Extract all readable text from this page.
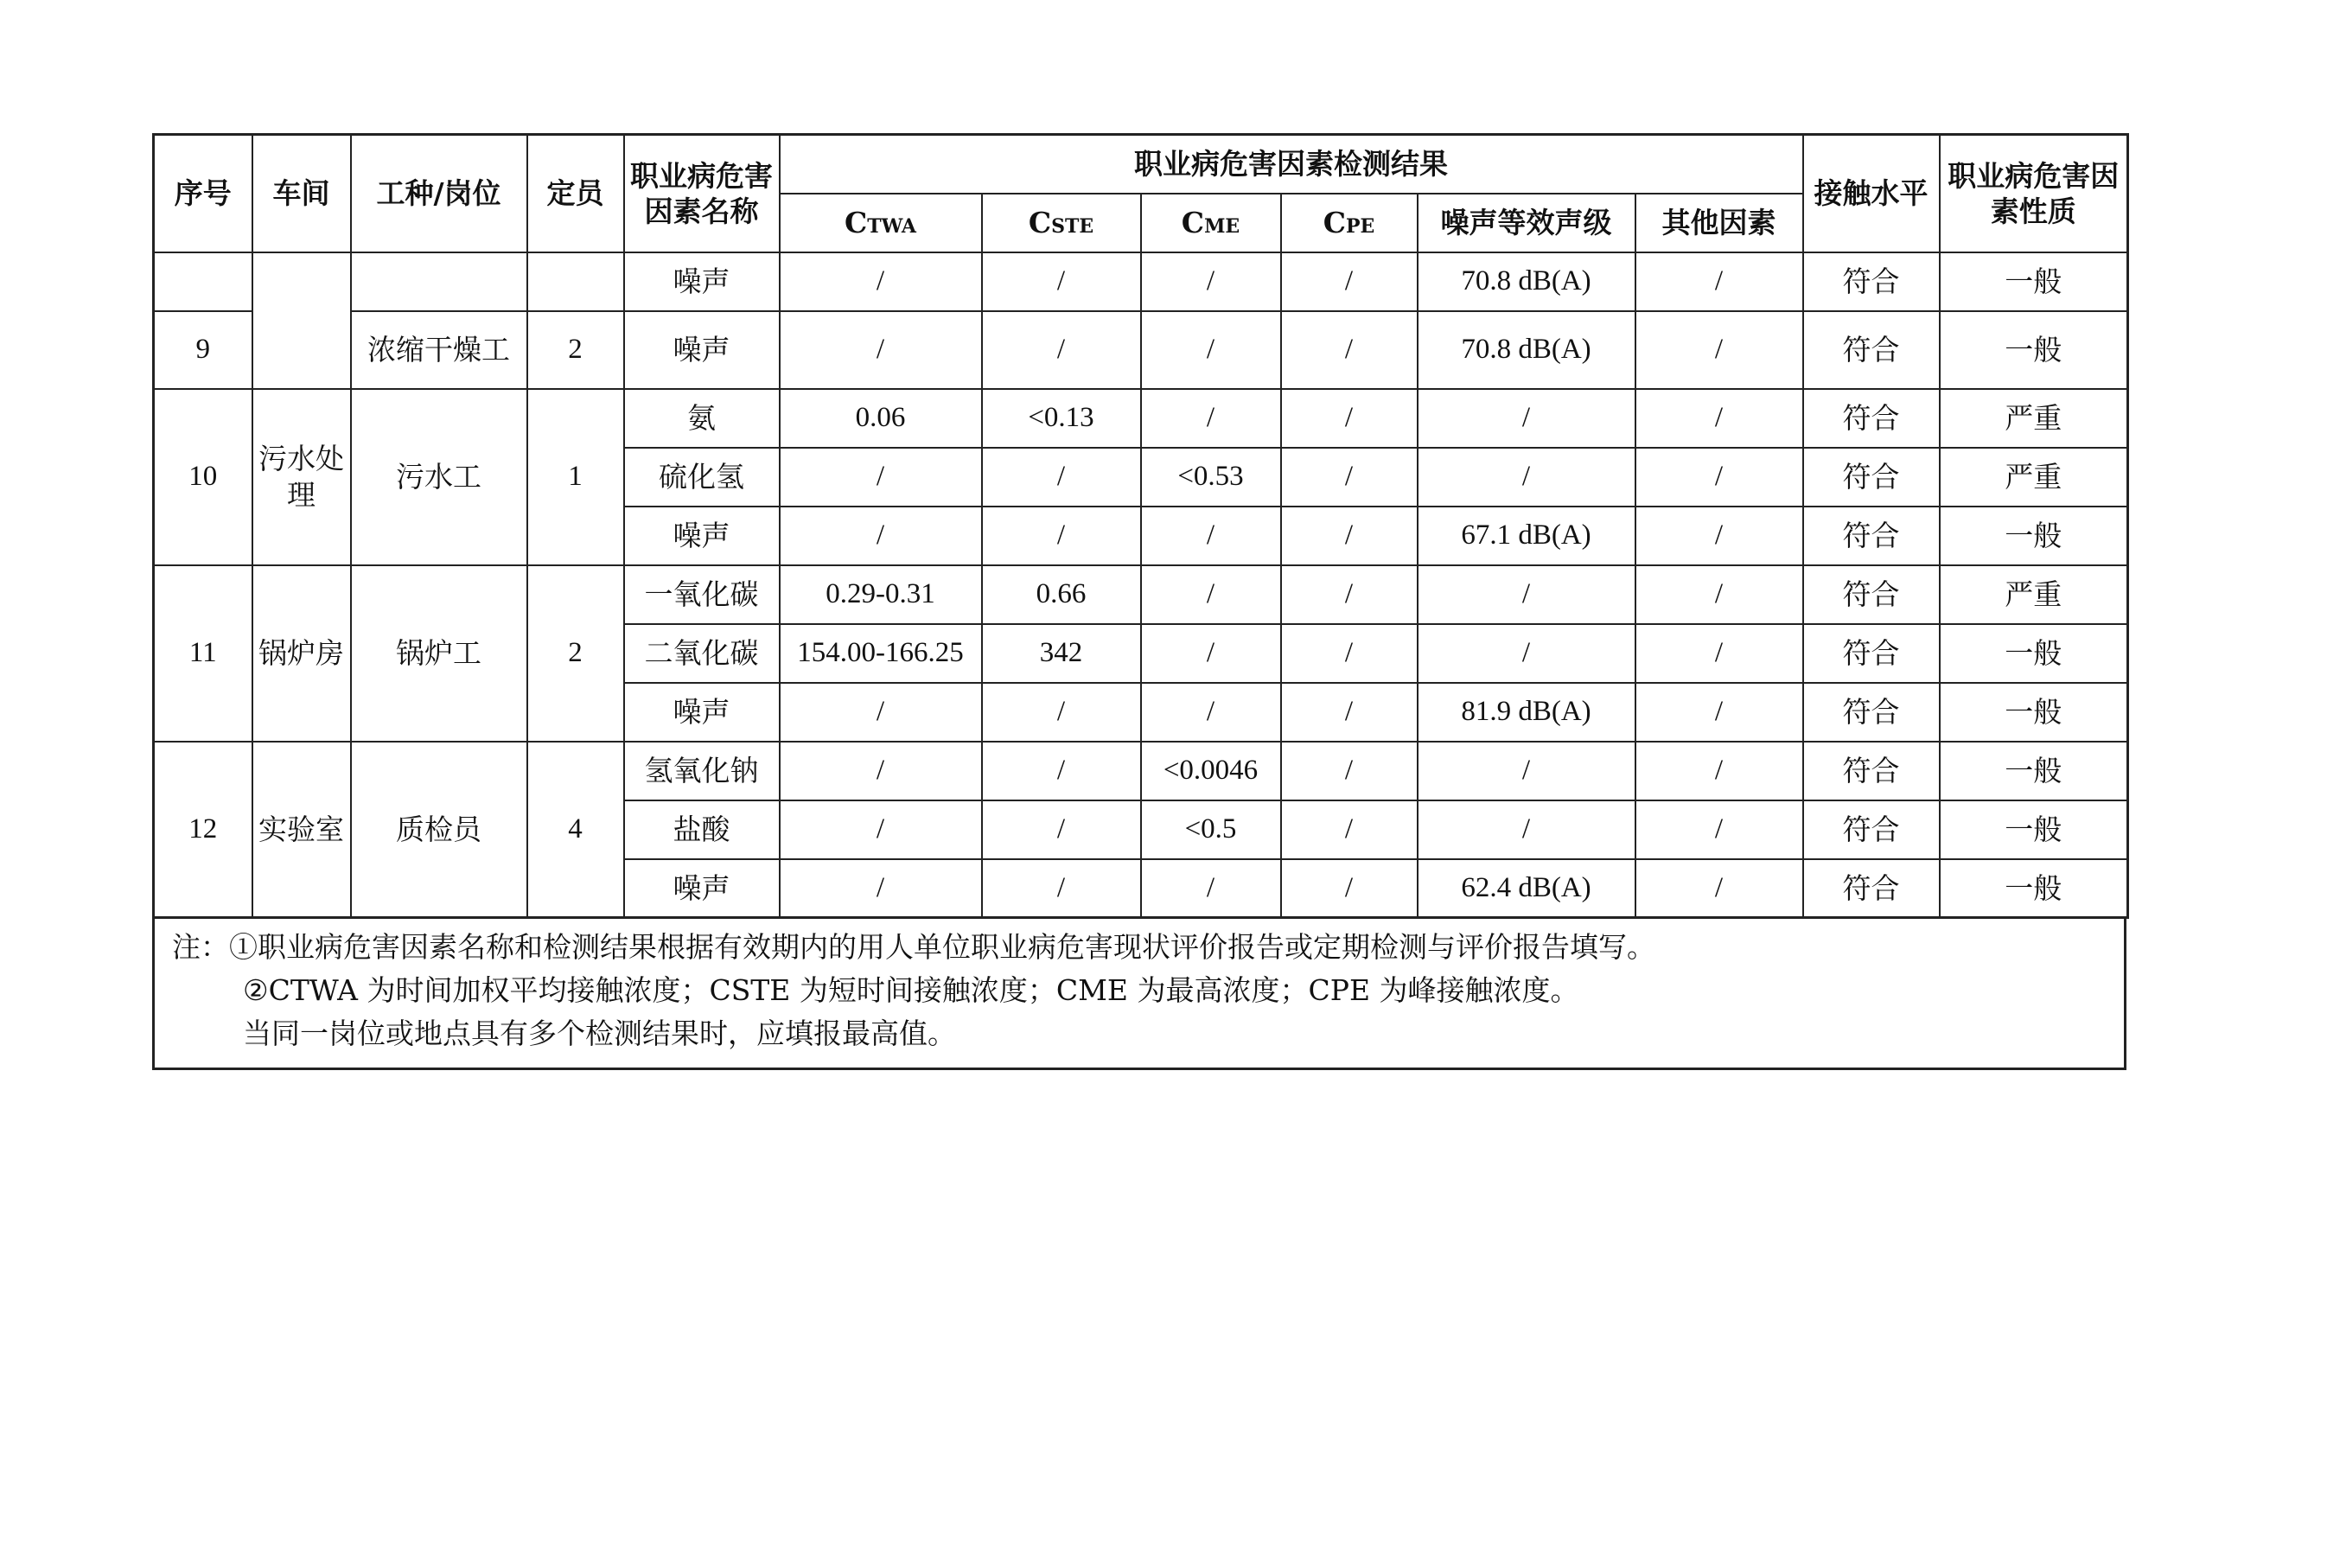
序号	车间	工种/岗位	定员	职业病危害因素名称	职业病危害因素检测结果						接触水平	职业病危害因素性质
					CTWA	CSTE	CME	CPE	噪声等效声级	其他因素		
				噪声	/	/	/	/	70.8 dB(A)	/	符合	一般
9		浓缩干燥工	2	噪声	/	/	/	/	70.8 dB(A)	/	符合	一般
10	污水处理	污水工	1	氨	0.06	<0.13	/	/	/	/	符合	严重
				硫化氢	/	/	<0.53	/	/	/	符合	严重
				噪声	/	/	/	/	67.1 dB(A)	/	符合	一般
11	锅炉房	锅炉工	2	一氧化碳	0.29-0.31	0.66	/	/	/	/	符合	严重
				二氧化碳	154.00-166.25	342	/	/	/	/	符合	一般
				噪声	/	/	/	/	81.9 dB(A)	/	符合	一般
12	实验室	质检员	4	氢氧化钠	/	/	<0.0046	/	/	/	符合	一般
				盐酸	/	/	<0.5	/	/	/	符合	一般
				噪声	/	/	/	/	62.4 dB(A)	/	符合	一般
注：①职业病危害因素名称和检测结果根据有效期内的用人单位职业病危害现状评价报告或定期检测与评价报告填写。
②CTWA 为时间加权平均接触浓度；CSTE 为短时间接触浓度；CME 为最高浓度；CPE 为峰接触浓度。
当同一岗位或地点具有多个检测结果时，应填报最高值。
